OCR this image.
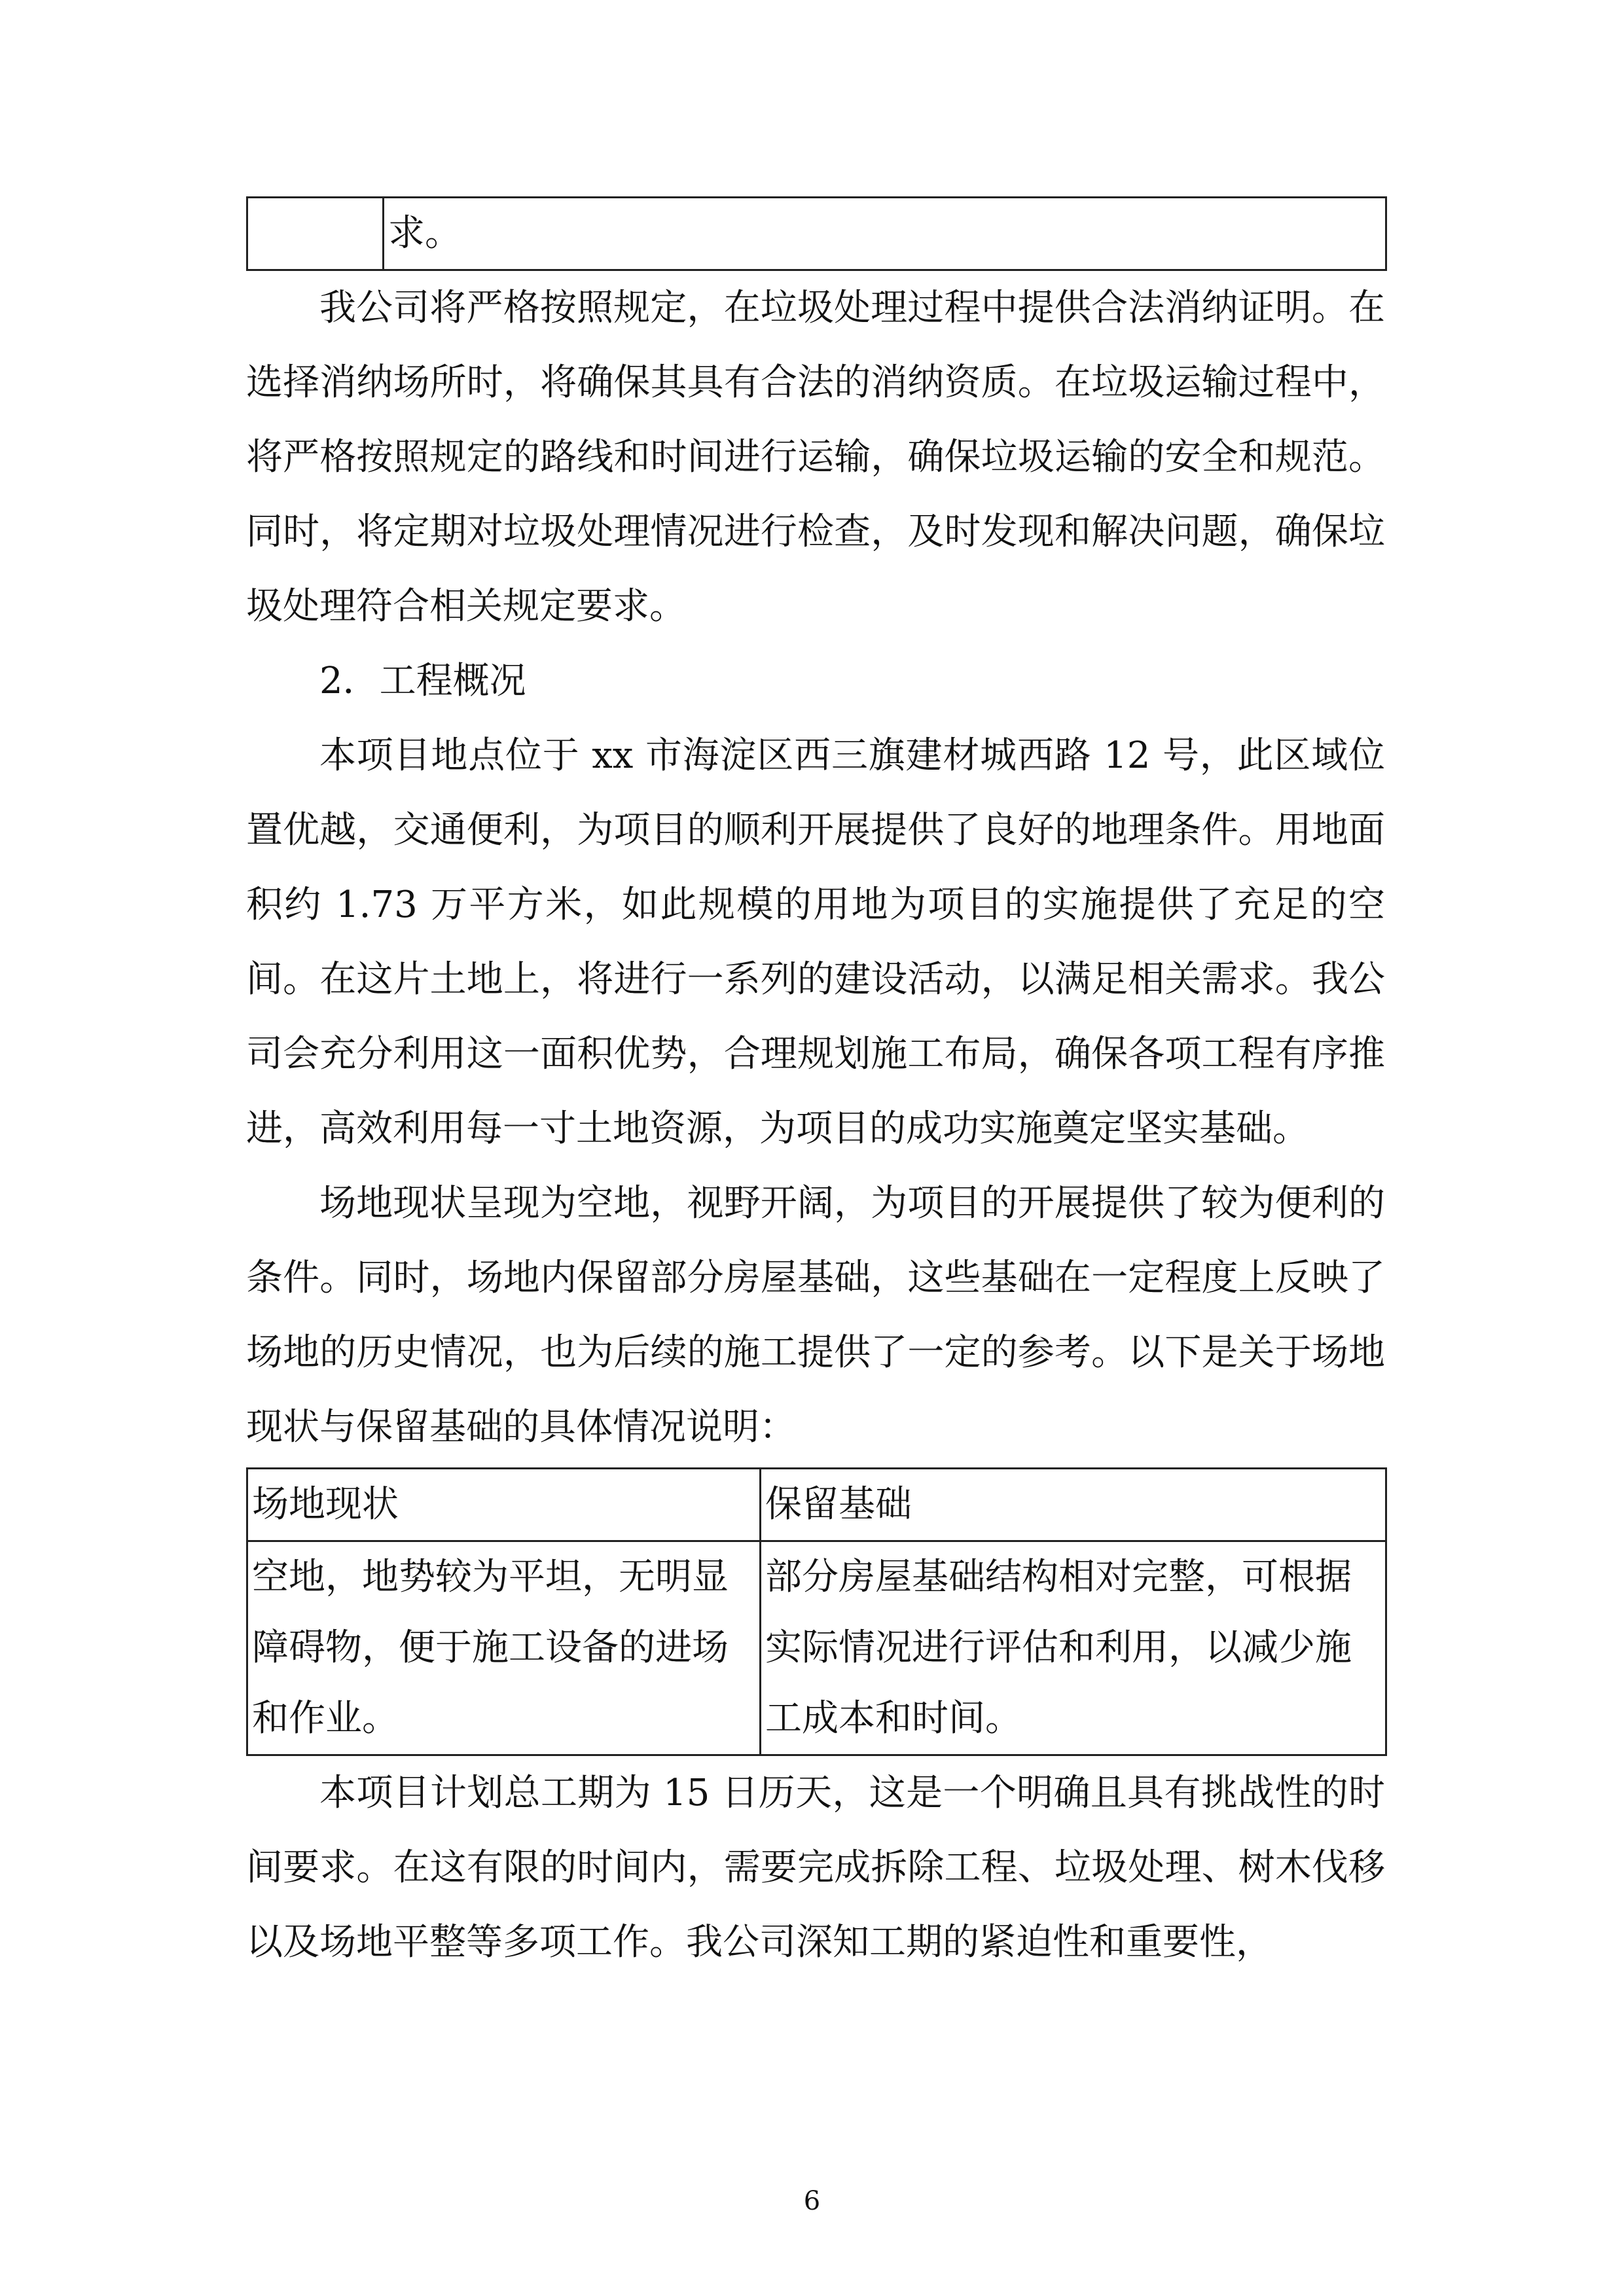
	求。

我公司将严格按照规定，在垃圾处理过程中提供合法消纳证明。在选择消纳场所时，将确保其具有合法的消纳资质。在垃圾运输过程中，将严格按照规定的路线和时间进行运输，确保垃圾运输的安全和规范。同时，将定期对垃圾处理情况进行检查，及时发现和解决问题，确保垃圾处理符合相关规定要求。

2．工程概况

本项目地点位于 xx 市海淀区西三旗建材城西路 12 号，此区域位置优越，交通便利，为项目的顺利开展提供了良好的地理条件。用地面积约 1.73 万平方米，如此规模的用地为项目的实施提供了充足的空间。在这片土地上，将进行一系列的建设活动，以满足相关需求。我公司会充分利用这一面积优势，合理规划施工布局，确保各项工程有序推进，高效利用每一寸土地资源，为项目的成功实施奠定坚实基础。

场地现状呈现为空地，视野开阔，为项目的开展提供了较为便利的条件。同时，场地内保留部分房屋基础，这些基础在一定程度上反映了场地的历史情况，也为后续的施工提供了一定的参考。以下是关于场地现状与保留基础的具体情况说明：

场地现状	保留基础
空地，地势较为平坦，无明显障碍物，便于施工设备的进场和作业。	部分房屋基础结构相对完整，可根据实际情况进行评估和利用，以减少施工成本和时间。

本项目计划总工期为 15 日历天，这是一个明确且具有挑战性的时间要求。在这有限的时间内，需要完成拆除工程、垃圾处理、树木伐移以及场地平整等多项工作。我公司深知工期的紧迫性和重要性，

6
